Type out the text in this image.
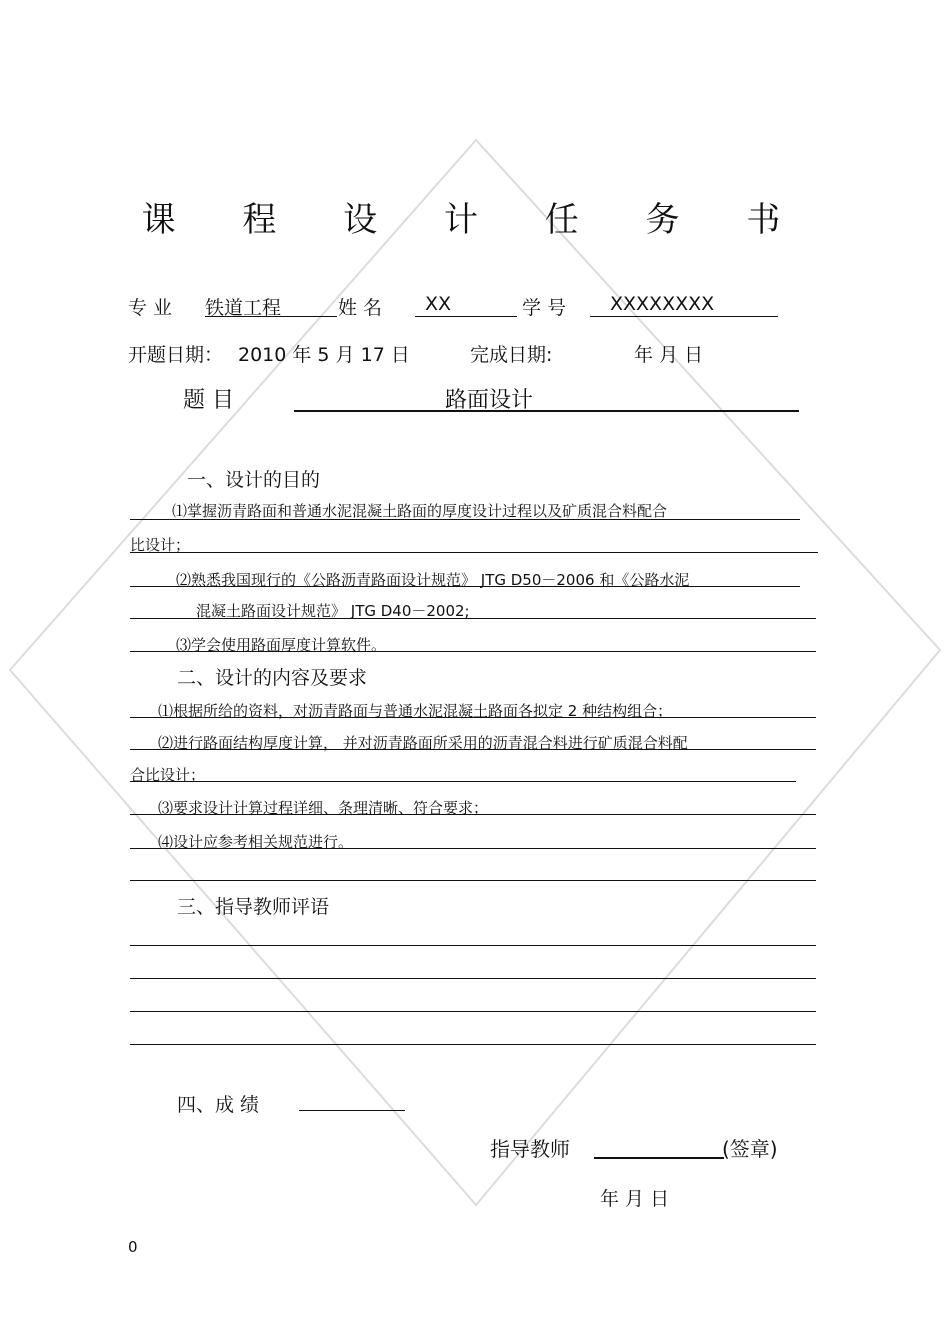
课 程 设 计 任 务 书
专 业 铁道工程	姓 名 XX	学 号 XXXXXXXX
开题日期： 2010 年 5 月 17 日	完成日期:	年 月 日
题 目	路面设计
一、设计的目的
⑴掌握沥青路面和普通水泥混凝土路面的厚度设计过程以及矿质混合料配合
比设计；
⑵熟悉我国现行的《公路沥青路面设计规范》 JTG D50－2006 和《公路水泥
混凝土路面设计规范》 JTG D40－2002;
⑶学会使用路面厚度计算软件。
二、设计的内容及要求
⑴根据所给的资料，对沥青路面与普通水泥混凝土路面各拟定 2 种结构组合；
⑵进行路面结构厚度计算， 并对沥青路面所采用的沥青混合料进行矿质混合料配
合比设计；
⑶要求设计计算过程详细、条理清晰、符合要求；
⑷设计应参考相关规范进行。
三、指导教师评语
四、成 绩
指导教师	(签章)
年 月 日
0
